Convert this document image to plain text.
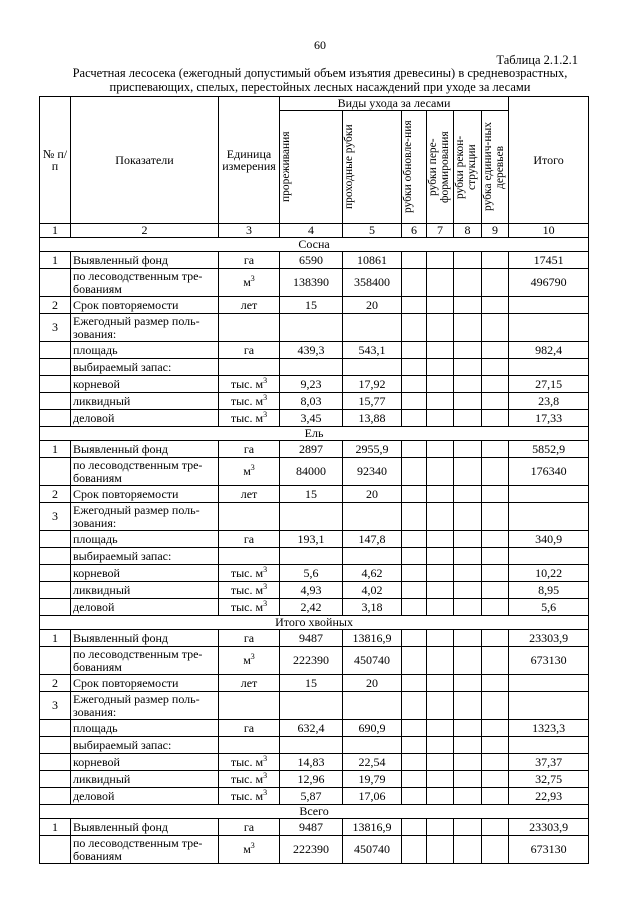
60
Таблица 2.1.2.1
Расчетная лесосека (ежегодный допустимый объем изъятия древесины) в средневозрастных,
приспевающих, спелых, перестойных лесных насаждений при уходе за лесами
№ п/п	Показатели	Единица измерения	Виды ухода за лесами						Итого

			прореживания	проходные рубки	рубки обновле-ния	рубки пере-формирования	рубки рекон-струкции	рубка единич-ных деревьев	

1	2	3	4	5	6	7	8	9	10
Сосна									
1	Выявленный фонд	га	6590	10861					17451
	по лесоводственным тре-бованиям	$м^3$	138390	358400					496790
2	Срок повторяемости	лет	15	20					
3	Ежегодный размер поль-зования:								
	площадь	га	439,3	543,1					982,4
	выбираемый запас:								
	корневой	тыс. $м^3$	9,23	17,92					27,15
	ликвидный	тыс. $м^3$	8,03	15,77					23,8
	деловой	тыс. $м^3$	3,45	13,88					17,33
Ель									
1	Выявленный фонд	га	2897	2955,9					5852,9
	по лесоводственным тре-бованиям	$м^3$	84000	92340					176340
2	Срок повторяемости	лет	15	20					
3	Ежегодный размер поль-зования:								
	площадь	га	193,1	147,8					340,9
	выбираемый запас:								
	корневой	тыс. $м^3$	5,6	4,62					10,22
	ликвидный	тыс. $м^3$	4,93	4,02					8,95
	деловой	тыс. $м^3$	2,42	3,18					5,6
Итого хвойных									
1	Выявленный фонд	га	9487	13816,9					23303,9
	по лесоводственным тре-бованиям	$м^3$	222390	450740					673130
2	Срок повторяемости	лет	15	20					
3	Ежегодный размер поль-зования:								
	площадь	га	632,4	690,9					1323,3
	выбираемый запас:								
	корневой	тыс. $м^3$	14,83	22,54					37,37
	ликвидный	тыс. $м^3$	12,96	19,79					32,75
	деловой	тыс. $м^3$	5,87	17,06					22,93
Всего									
1	Выявленный фонд	га	9487	13816,9					23303,9
	по лесоводственным тре-бованиям	$м^3$	222390	450740					673130
